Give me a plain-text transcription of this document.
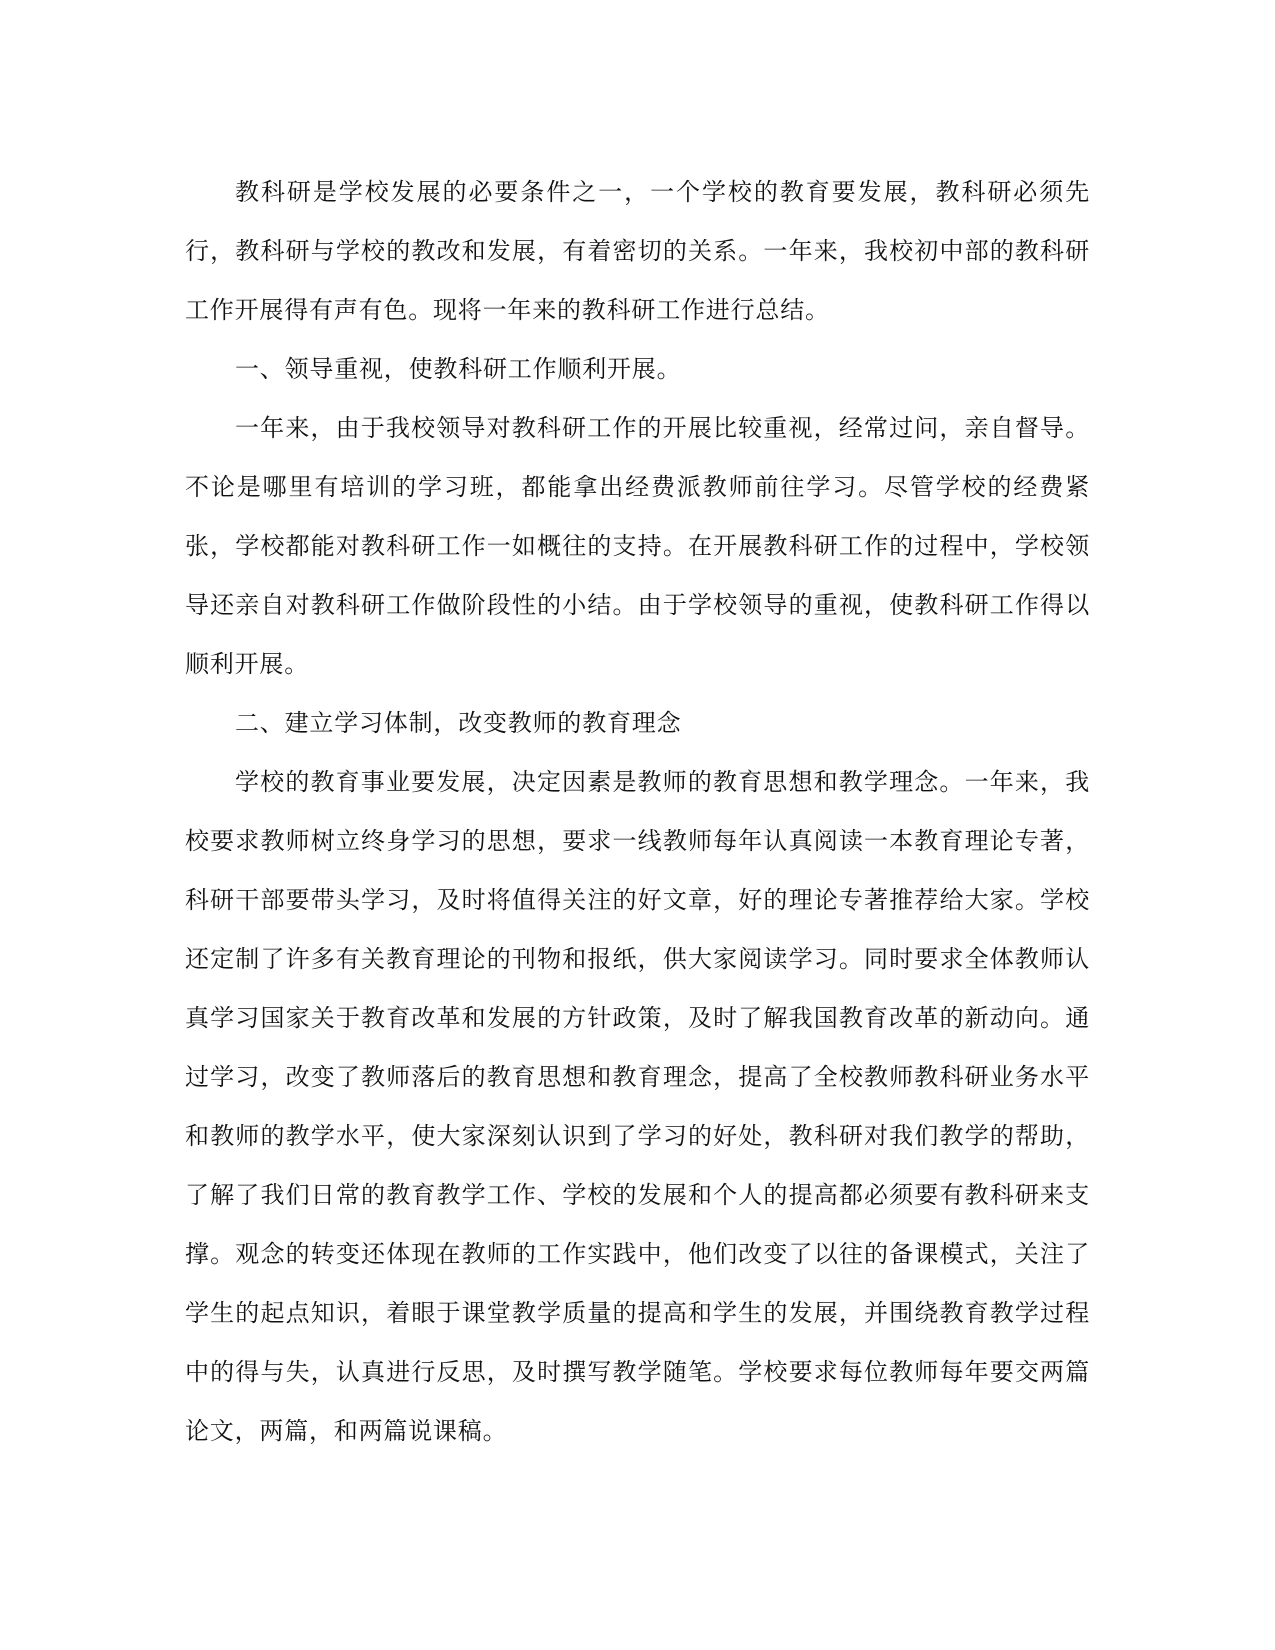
教科研是学校发展的必要条件之一，一个学校的教育要发展，教科研必须先行，教科研与学校的教改和发展，有着密切的关系。一年来，我校初中部的教科研工作开展得有声有色。现将一年来的教科研工作进行总结。

一、领导重视，使教科研工作顺利开展。

一年来，由于我校领导对教科研工作的开展比较重视，经常过问，亲自督导。不论是哪里有培训的学习班，都能拿出经费派教师前往学习。尽管学校的经费紧张，学校都能对教科研工作一如概往的支持。在开展教科研工作的过程中，学校领导还亲自对教科研工作做阶段性的小结。由于学校领导的重视，使教科研工作得以顺利开展。

二、建立学习体制，改变教师的教育理念

学校的教育事业要发展，决定因素是教师的教育思想和教学理念。一年来，我校要求教师树立终身学习的思想，要求一线教师每年认真阅读一本教育理论专著，科研干部要带头学习，及时将值得关注的好文章，好的理论专著推荐给大家。学校还定制了许多有关教育理论的刊物和报纸，供大家阅读学习。同时要求全体教师认真学习国家关于教育改革和发展的方针政策，及时了解我国教育改革的新动向。通过学习，改变了教师落后的教育思想和教育理念，提高了全校教师教科研业务水平和教师的教学水平，使大家深刻认识到了学习的好处，教科研对我们教学的帮助，了解了我们日常的教育教学工作、学校的发展和个人的提高都必须要有教科研来支撑。观念的转变还体现在教师的工作实践中，他们改变了以往的备课模式，关注了学生的起点知识，着眼于课堂教学质量的提高和学生的发展，并围绕教育教学过程中的得与失，认真进行反思，及时撰写教学随笔。学校要求每位教师每年要交两篇论文，两篇，和两篇说课稿。
